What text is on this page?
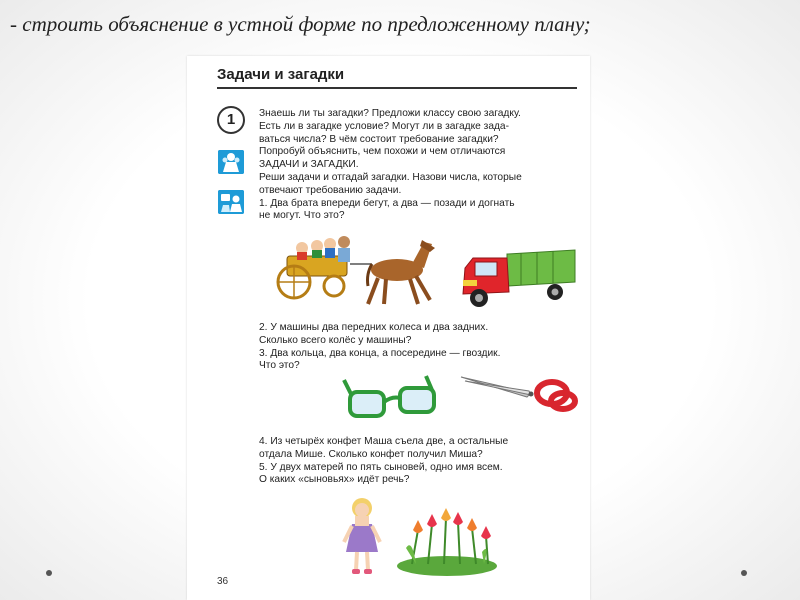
- строить объяснение в устной форме по предложенному плану;
Задачи и загадки
1	Знаешь ли ты загадки? Предложи классу свою загадку.
Есть ли в загадке условие? Могут ли в загадке зада-
ваться числа? В чём состоит требование загадки?
Попробуй объяснить, чем похожи и чем отличаются
ЗАДАЧИ и ЗАГАДКИ.
Реши задачи и отгадай загадки. Назови числа, которые
отвечают требованию задачи.
1. Два брата впереди бегут, а два — позади и догнать
не могут. Что это?
2. У машины два передних колеса и два задних.
Сколько всего колёс у машины?
3. Два кольца, два конца, а посередине — гвоздик.
Что это?
4. Из четырёх конфет Маша съела две, а остальные
отдала Мише. Сколько конфет получил Миша?
5. У двух матерей по пять сыновей, одно имя всем.
О каких «сыновьях» идёт речь?
36
